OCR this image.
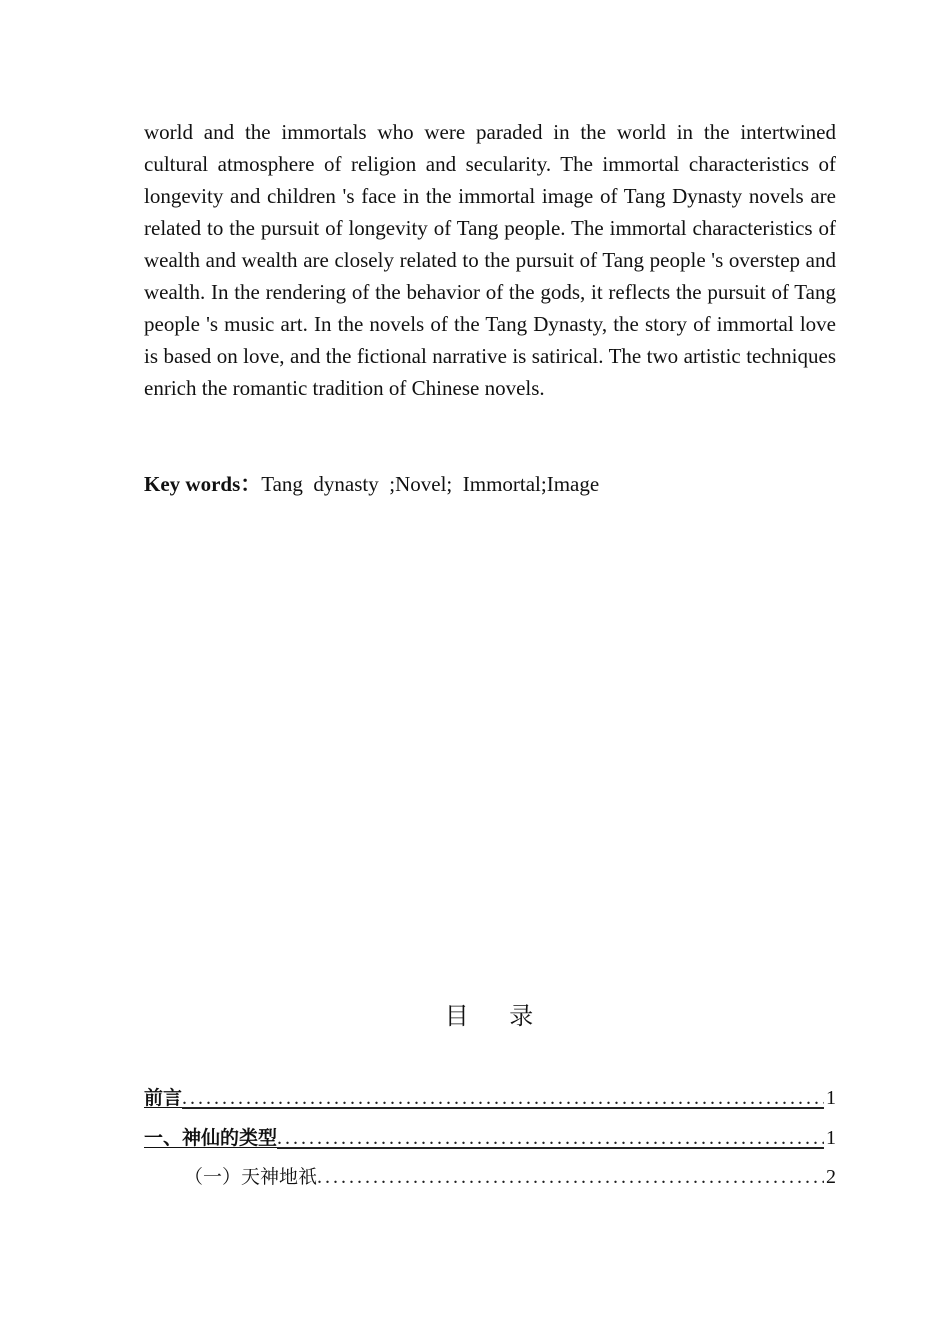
world and the immortals who were paraded in the world in the intertwined cultural atmosphere of religion and secularity. The immortal characteristics of longevity and children 's face in the immortal image of Tang Dynasty novels are related to the pursuit of longevity of Tang people. The immortal characteristics of wealth and wealth are closely related to the pursuit of Tang people 's overstep and wealth. In the rendering of the behavior of the gods, it reflects the pursuit of Tang people 's music art. In the novels of the Tang Dynasty, the story of immortal love is based on love, and the fictional narrative is satirical. The two artistic techniques enrich the romantic tradition of Chinese novels.

Key words：Tang  dynasty  ;Novel;  Immortal;Image

目    录
前言 .....	1
一、神仙的类型 .....	1
（一）天神地祇 .....	2
